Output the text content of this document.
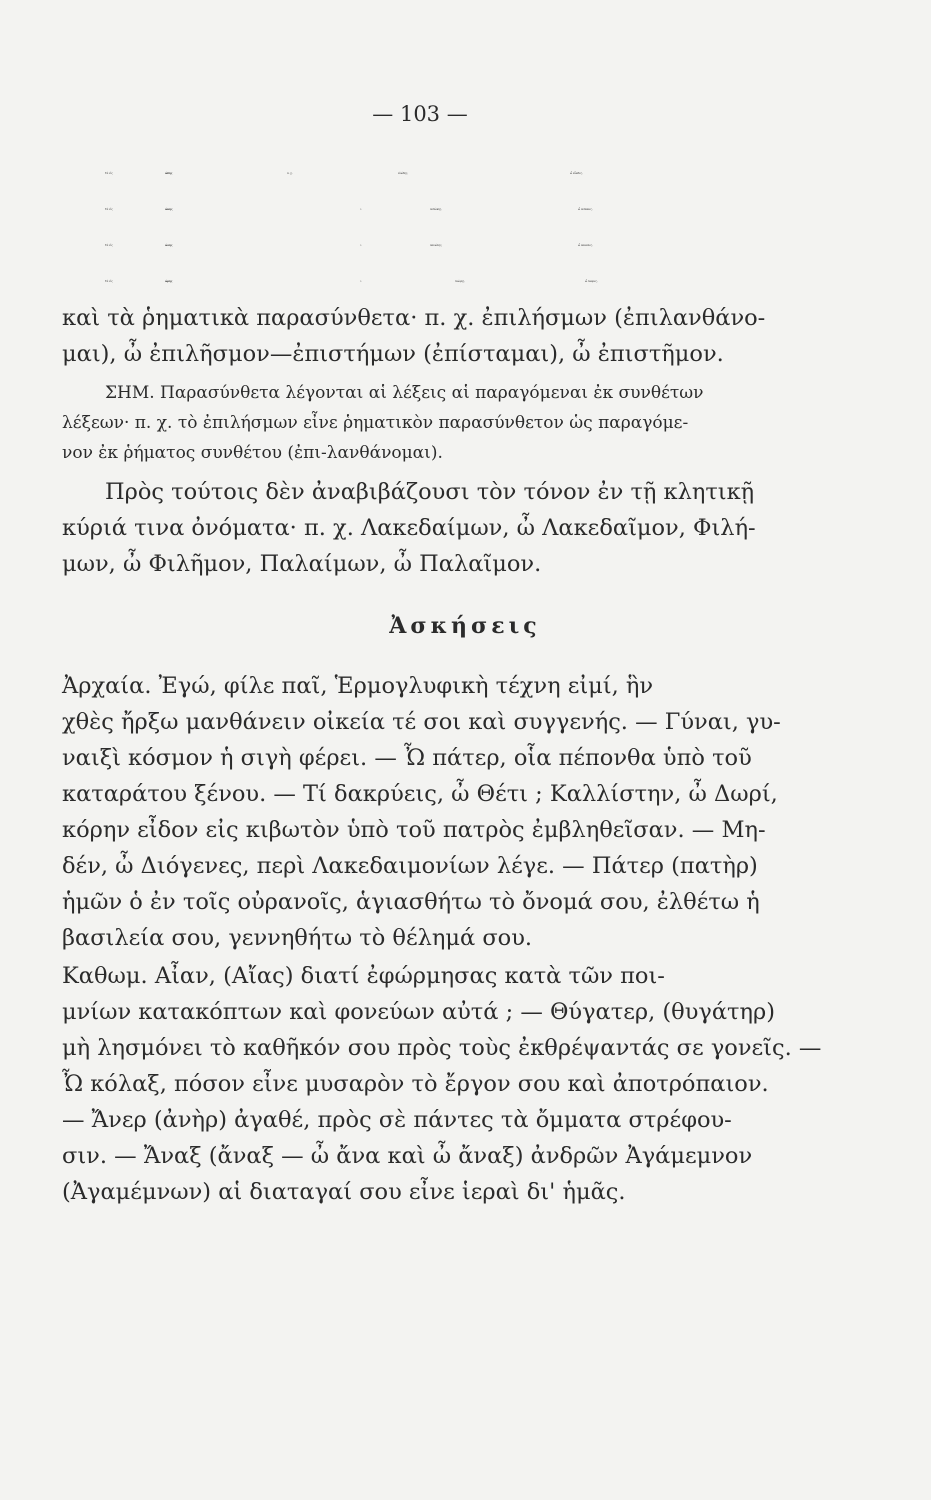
— 103 —
Τὰ εἰς	ώδης	π. χ.	εὐώδης,	ὦ εὖῶδες,
Τὰ εἰς	ώκης	»	ποδώκης,	ὦ ποδῶκες,
Τὰ εἰς	ώλης	»	πανώλης,	ὦ πανῶλες,
Τὰ εἰς	ώρης	»	Διώρης,	ὦ Διῶρες,
καὶ τὰ ῥηματικὰ παρασύνθετα· π. χ. ἐπιλήσμων (ἐπιλανθάνο-
μαι), ὦ ἐπιλῆσμον—ἐπιστήμων (ἐπίσταμαι), ὦ ἐπιστῆμον.
ΣΗΜ. Παρασύνθετα λέγονται αἱ λέξεις αἱ παραγόμεναι ἐκ συνθέτων
λέξεων· π. χ. τὸ ἐπιλήσμων εἶνε ῥηματικὸν παρασύνθετον ὡς παραγόμε-
νον ἐκ ῥήματος συνθέτου (ἐπι-λανθάνομαι).
Πρὸς τούτοις δὲν ἀναβιβάζουσι τὸν τόνον ἐν τῇ κλητικῇ
κύριά τινα ὀνόματα· π. χ. Λακεδαίμων, ὦ Λακεδαῖμον, Φιλή-
μων, ὦ Φιλῆμον, Παλαίμων, ὦ Παλαῖμον.
Ἀσκήσεις
Ἀρχαία. Ἐγώ, φίλε παῖ, Ἑρμογλυφικὴ τέχνη εἰμί, ἣν
χθὲς ἤρξω μανθάνειν οἰκεία τέ σοι καὶ συγγενής. — Γύναι, γυ-
ναιξὶ κόσμον ἡ σιγὴ φέρει. — Ὦ πάτερ, οἷα πέπονθα ὑπὸ τοῦ
καταράτου ξένου. — Τί δακρύεις, ὦ Θέτι ; Καλλίστην, ὦ Δωρί,
κόρην εἶδον εἰς κιβωτὸν ὑπὸ τοῦ πατρὸς ἐμβληθεῖσαν. — Μη-
δέν, ὦ Διόγενες, περὶ Λακεδαιμονίων λέγε. — Πάτερ (πατὴρ)
ἡμῶν ὁ ἐν τοῖς οὐρανοῖς, ἁγιασθήτω τὸ ὄνομά σου, ἐλθέτω ἡ
βασιλεία σου, γεννηθήτω τὸ θέλημά σου.
Καθωμ. Αἶαν, (Αἴας) διατί ἐφώρμησας κατὰ τῶν ποι-
μνίων κατακόπτων καὶ φονεύων αὐτά ; — Θύγατερ, (θυγάτηρ)
μὴ λησμόνει τὸ καθῆκόν σου πρὸς τοὺς ἐκθρέψαντάς σε γονεῖς. —
Ὦ κόλαξ, πόσον εἶνε μυσαρὸν τὸ ἔργον σου καὶ ἀποτρόπαιον.
— Ἄνερ (ἀνὴρ) ἀγαθέ, πρὸς σὲ πάντες τὰ ὄμματα στρέφου-
σιν. — Ἄναξ (ἄναξ — ὦ ἄνα καὶ ὦ ἄναξ) ἀνδρῶν Ἀγάμεμνον
(Ἀγαμέμνων) αἱ διαταγαί σου εἶνε ἱεραὶ δι' ἡμᾶς.
